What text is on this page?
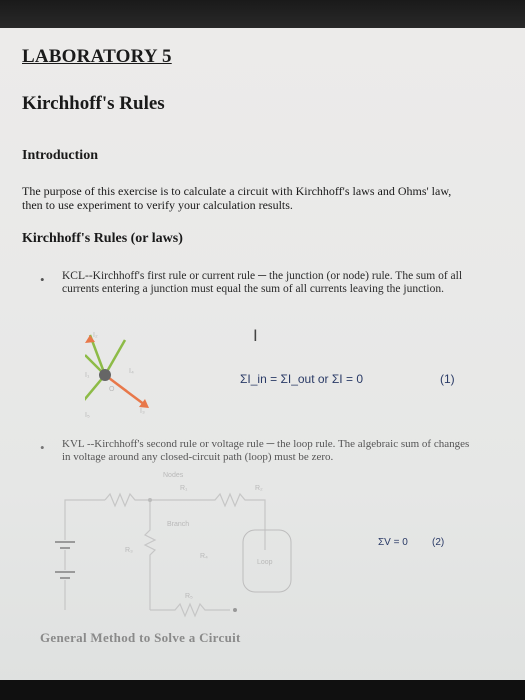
LABORATORY 5
Kirchhoff's Rules
Introduction
The purpose of this exercise is to calculate a circuit with Kirchhoff's laws and Ohms' law, then to use experiment to verify your calculation results.
Kirchhoff's Rules (or laws)
• KCL--Kirchhoff's first rule or current rule ─ the junction (or node) rule. The sum of all currents entering a junction must equal the sum of all currents leaving the junction.
I
I₂
I₄
I₁
I₅
I₃
O
ΣI_in = ΣI_out or ΣI = 0	(1)
• KVL --Kirchhoff's second rule or voltage rule ─ the loop rule. The algebraic sum of changes in voltage around any closed-circuit path (loop) must be zero.
Nodes
R₁	R₂
R₃
Branch
R₄
R₅
Loop
ΣV = 0 (2)
General Method to Solve a Circuit
